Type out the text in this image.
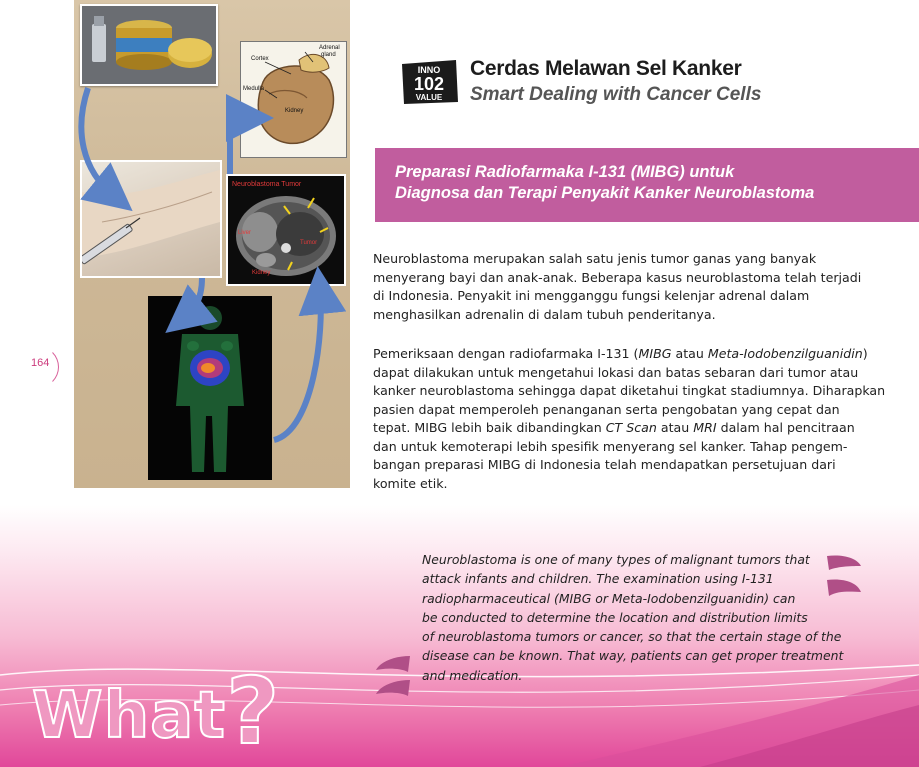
Cortex
Adrenal
gland
Medulla
Kidney
Neuroblastoma Tumor
Liver
Tumor
Kidney
164
INNO
102
VALUE
Cerdas Melawan Sel Kanker
Smart Dealing with Cancer Cells
Preparasi Radiofarmaka I-131 (MIBG) untuk
Diagnosa dan Terapi Penyakit Kanker Neuroblastoma

Neuroblastoma merupakan salah satu jenis tumor ganas yang banyak

menyerang bayi dan anak-anak. Beberapa kasus neuroblastoma telah terjadi

di Indonesia. Penyakit ini mengganggu fungsi kelenjar adrenal dalam

menghasilkan adrenalin di dalam tubuh penderitanya.

Pemeriksaan dengan radiofarmaka I-131 (MIBG atau Meta-Iodobenzilguanidin)

dapat dilakukan untuk mengetahui lokasi dan batas sebaran dari tumor atau

kanker neuroblastoma sehingga dapat diketahui tingkat stadiumnya. Diharapkan

pasien dapat memperoleh penanganan serta pengobatan yang cepat dan

tepat. MIBG lebih baik dibandingkan CT Scan atau MRI dalam hal pencitraan

dan untuk kemoterapi lebih spesifik menyerang sel kanker. Tahap pengem-

bangan preparasi MIBG di Indonesia telah mendapatkan persetujuan dari

komite etik.

Neuroblastoma is one of many types of malignant tumors that

attack infants and children. The examination using I-131

radiopharmaceutical (MIBG or Meta-Iodobenzilguanidin) can

be conducted to determine the location and distribution limits

of neuroblastoma tumors or cancer, so that the certain stage of the

disease can be known. That way, patients can get proper treatment

and medication.

What?
